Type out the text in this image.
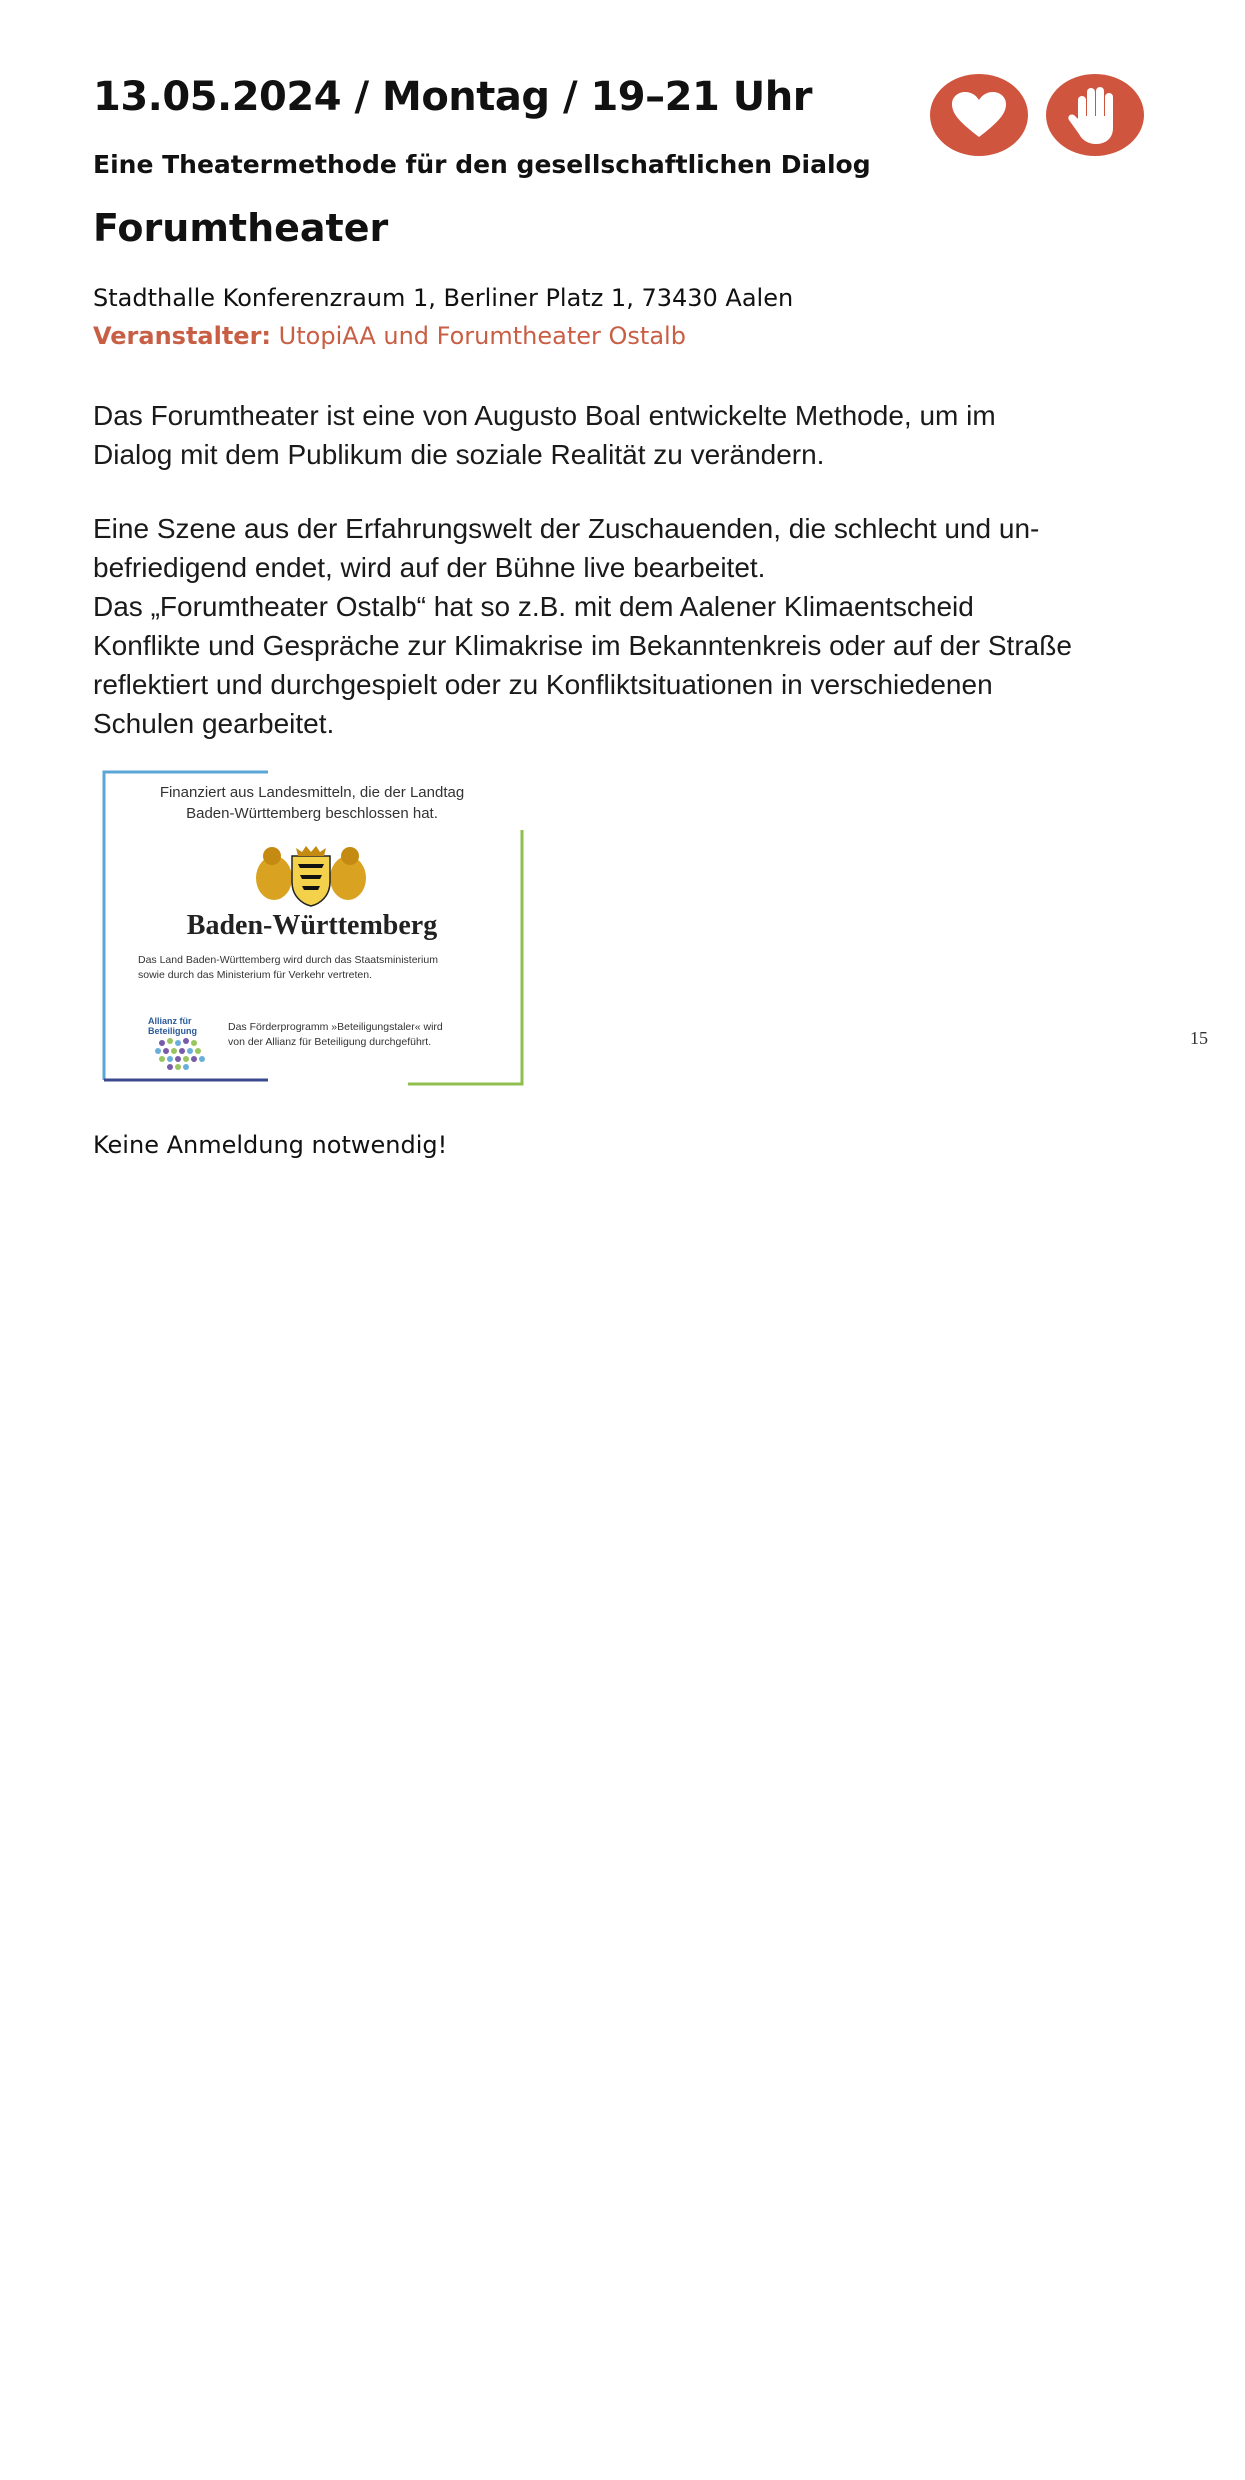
13.05.2024 / Montag / 19–21 Uhr
Eine Theatermethode für den gesellschaftlichen Dialog
Forumtheater
Stadthalle Konferenzraum 1, Berliner Platz 1, 73430 Aalen
Veranstalter: UtopiAA und Forumtheater Ostalb
Das Forumtheater ist eine von Augusto Boal entwickelte Methode, um im
Dialog mit dem Publikum die soziale Realität zu verändern.
Eine Szene aus der Erfahrungswelt der Zuschauenden, die schlecht und un-
befriedigend endet, wird auf der Bühne live bearbeitet.
Das „Forumtheater Ostalb“ hat so z.B. mit dem Aalener Klimaentscheid
Konflikte und Gespräche zur Klimakrise im Bekanntenkreis oder auf der Straße
reflektiert und durchgespielt oder zu Konfliktsituationen in verschiedenen
Schulen gearbeitet.
Finanziert aus Landesmitteln, die der Landtag
Baden-Württemberg beschlossen hat.
Baden-Württemberg
Das Land Baden-Württemberg wird durch das Staatsministerium
sowie durch das Ministerium für Verkehr vertreten.
Allianz für Beteiligung	Das Förderprogramm »Beteiligungstaler« wird
von der Allianz für Beteiligung durchgeführt.	15
Keine Anmeldung notwendig!
